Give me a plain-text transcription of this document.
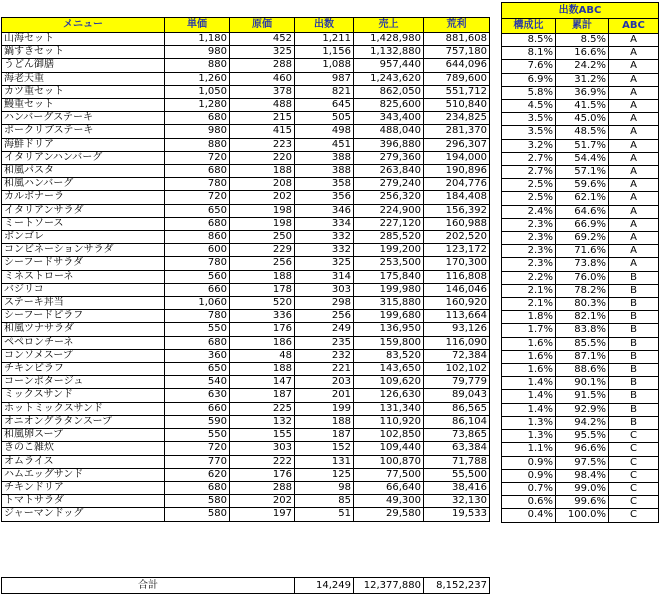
メニュー	単価	原価	出数	売上	荒利
山海セット	1,180	452	1,211	1,428,980	881,608
鍋すきセット	980	325	1,156	1,132,880	757,180
うどん御膳	880	288	1,088	957,440	644,096
海老天重	1,260	460	987	1,243,620	789,600
カツ重セット	1,050	378	821	862,050	551,712
鰻重セット	1,280	488	645	825,600	510,840
ハンバーグステーキ	680	215	505	343,400	234,825
ポークリブステーキ	980	415	498	488,040	281,370
海鮮ドリア	880	223	451	396,880	296,307
イタリアンハンバーグ	720	220	388	279,360	194,000
和風パスタ	680	188	388	263,840	190,896
和風ハンバーグ	780	208	358	279,240	204,776
カルボナーラ	720	202	356	256,320	184,408
イタリアンサラダ	650	198	346	224,900	156,392
ミートソース	680	198	334	227,120	160,988
ボンゴレ	860	250	332	285,520	202,520
コンビネーションサラダ	600	229	332	199,200	123,172
シーフードサラダ	780	256	325	253,500	170,300
ミネストローネ	560	188	314	175,840	116,808
バジリコ	660	178	303	199,980	146,046
ステーキ丼当	1,060	520	298	315,880	160,920
シーフードピラフ	780	336	256	199,680	113,664
和風ツナサラダ	550	176	249	136,950	93,126
ペペロンチーネ	680	186	235	159,800	116,090
コンソメスープ	360	48	232	83,520	72,384
チキンピラフ	650	188	221	143,650	102,102
コーンポタージュ	540	147	203	109,620	79,779
ミックスサンド	630	187	201	126,630	89,043
ホットミックスサンド	660	225	199	131,340	86,565
オニオングラタンスープ	590	132	188	110,920	86,104
和風卵スープ	550	155	187	102,850	73,865
きのこ雑炊	720	303	152	109,440	63,384
オムライス	770	222	131	100,870	71,788
ハムエッグサンド	620	176	125	77,500	55,500
チキンドリア	680	288	98	66,640	38,416
トマトサラダ	580	202	85	49,300	32,130
ジャーマンドッグ	580	197	51	29,580	19,533
出数ABC		
構成比	累計	ABC
8.5%	8.5%	A
8.1%	16.6%	A
7.6%	24.2%	A
6.9%	31.2%	A
5.8%	36.9%	A
4.5%	41.5%	A
3.5%	45.0%	A
3.5%	48.5%	A
3.2%	51.7%	A
2.7%	54.4%	A
2.7%	57.1%	A
2.5%	59.6%	A
2.5%	62.1%	A
2.4%	64.6%	A
2.3%	66.9%	A
2.3%	69.2%	A
2.3%	71.6%	A
2.3%	73.8%	A
2.2%	76.0%	B
2.1%	78.2%	B
2.1%	80.3%	B
1.8%	82.1%	B
1.7%	83.8%	B
1.6%	85.5%	B
1.6%	87.1%	B
1.6%	88.6%	B
1.4%	90.1%	B
1.4%	91.5%	B
1.4%	92.9%	B
1.3%	94.2%	B
1.3%	95.5%	C
1.1%	96.6%	C
0.9%	97.5%	C
0.9%	98.4%	C
0.7%	99.0%	C
0.6%	99.6%	C
0.4%	100.0%	C
合計	14,249	12,377,880	8,152,237
